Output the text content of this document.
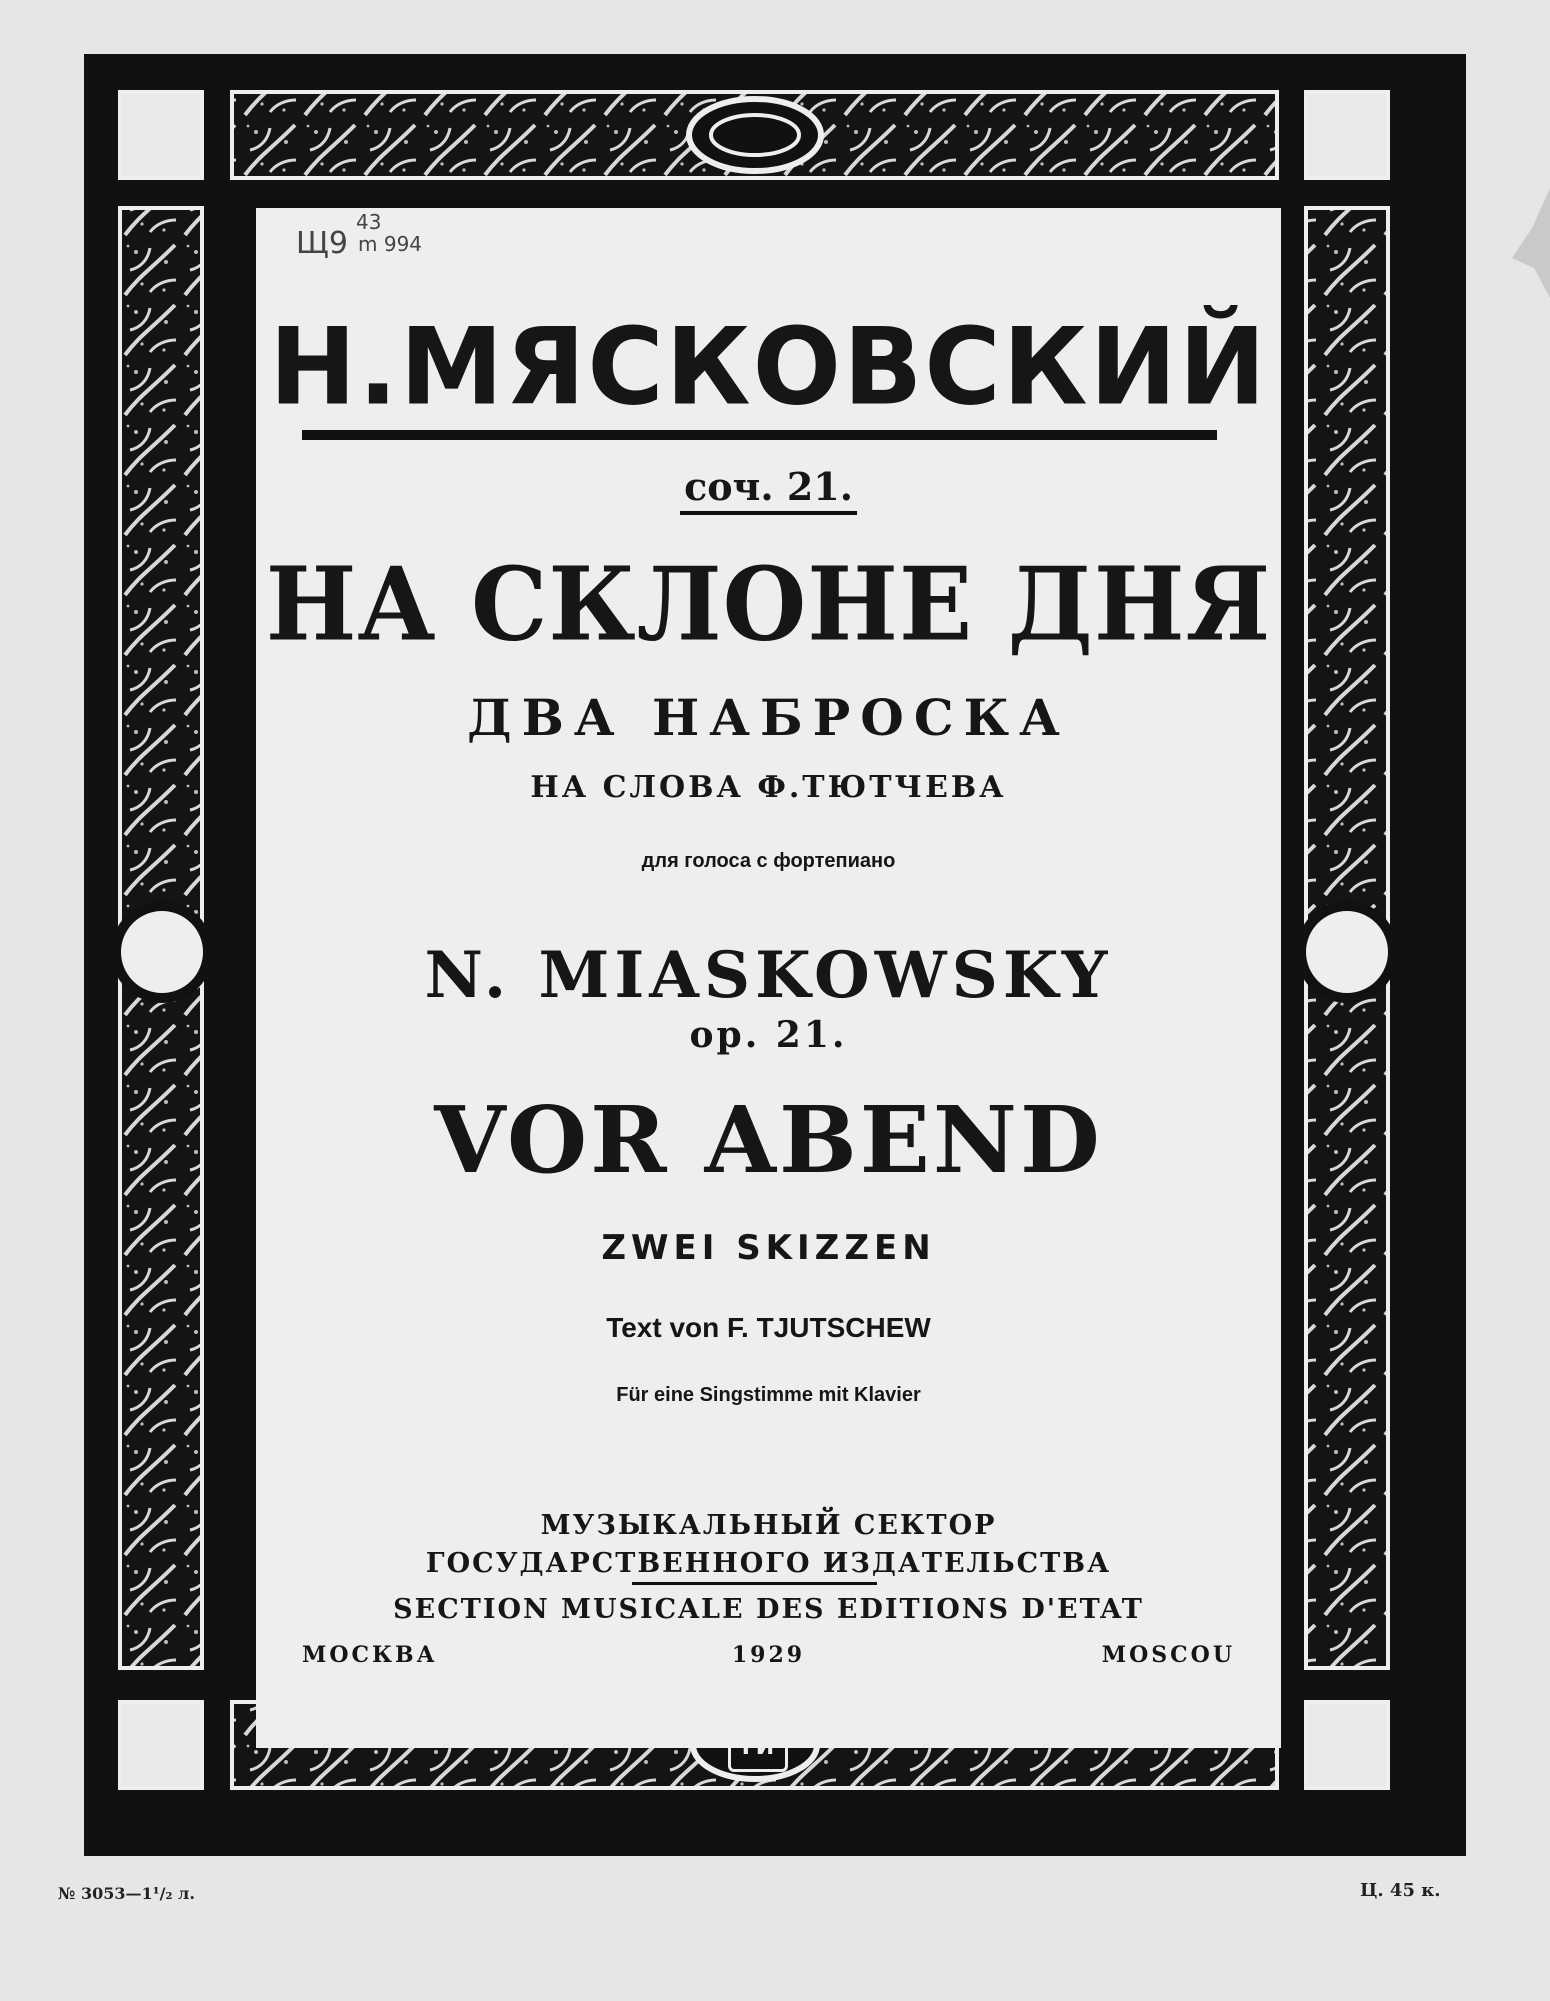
Щ9
43
m 994
Н.МЯСКОВСКИЙ
соч. 21.
НА СКЛОНЕ ДНЯ
ДВА НАБРОСКА
НА СЛОВА Ф.ТЮТЧЕВА
для голоса с фортепиано
N. MIASKOWSKY
op. 21.
VOR ABEND
ZWEI SKIZZEN
Text von F. TJUTSCHEW
Für eine Singstimme mit Klavier
МУЗЫКАЛЬНЫЙ СЕКТОР
ГОСУДАРСТВЕННОГО ИЗДАТЕЛЬСТВА
SECTION MUSICALE DES EDITIONS D'ETAT
МОСКВА	1929	MOSCOU
ГИ
№ 3053—1¹/₂ л.	Ц. 45 к.
